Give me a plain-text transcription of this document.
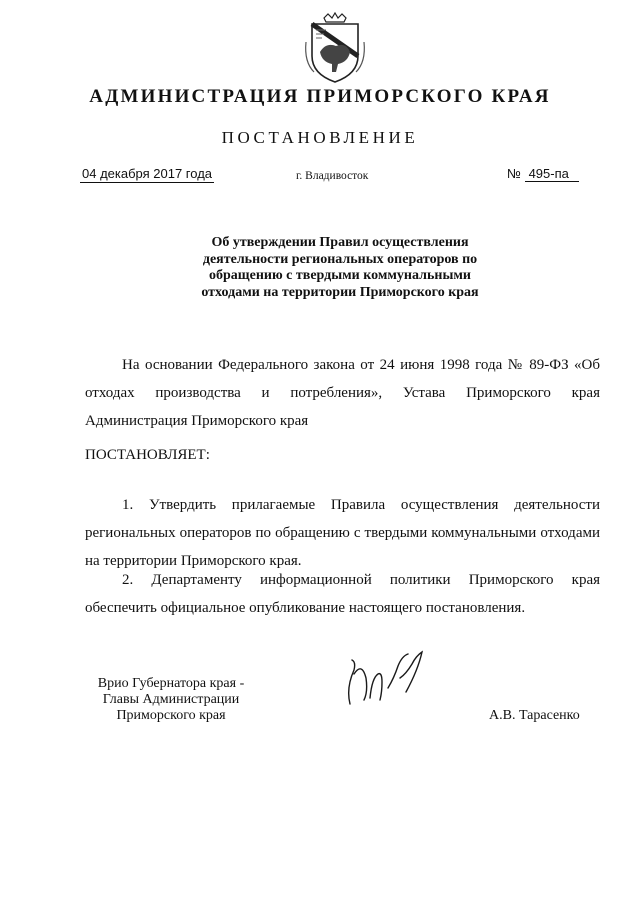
АДМИНИСТРАЦИЯ ПРИМОРСКОГО КРАЯ
ПОСТАНОВЛЕНИЕ
04 декабря 2017 года	г. Владивосток	№ 495-па
Об утверждении Правил осуществления
деятельности региональных операторов по
обращению с твердыми коммунальными
отходами на территории Приморского края
На основании Федерального закона от 24 июня 1998 года № 89-ФЗ «Об отходах производства и потребления», Устава Приморского края Администрация Приморского края
ПОСТАНОВЛЯЕТ:
1. Утвердить прилагаемые Правила осуществления деятельности региональных операторов по обращению с твердыми коммунальными отходами на территории Приморского края.
2. Департаменту информационной политики Приморского края обеспечить официальное опубликование настоящего постановления.
Врио Губернатора края -
Главы Администрации
Приморского края	А.В. Тарасенко
